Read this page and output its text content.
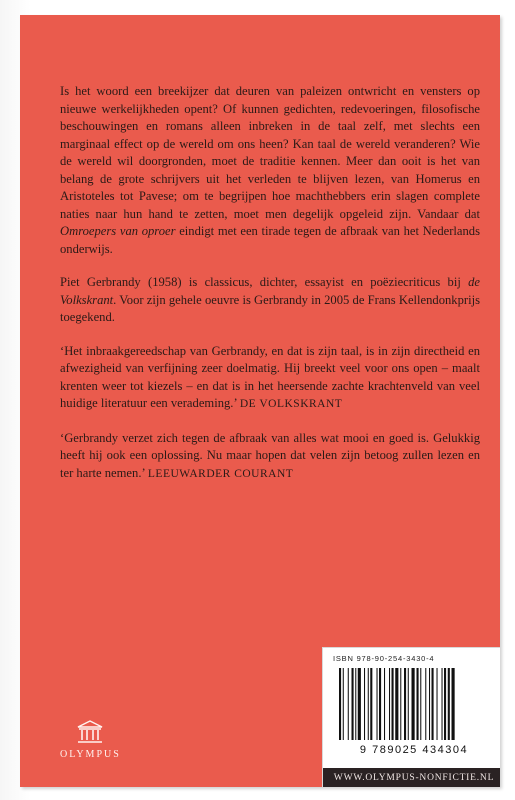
Is het woord een breekijzer dat deuren van paleizen ontwricht en vensters op nieuwe werkelijkheden opent? Of kunnen gedichten, redevoeringen, filosofische beschouwingen en romans alleen inbreken in de taal zelf, met slechts een marginaal effect op de wereld om ons heen? Kan taal de wereld veranderen? Wie de wereld wil doorgronden, moet de traditie kennen. Meer dan ooit is het van belang de grote schrijvers uit het verleden te blijven lezen, van Homerus en Aristoteles tot Pavese; om te begrijpen hoe machthebbers erin slagen complete naties naar hun hand te zetten, moet men degelijk opgeleid zijn. Vandaar dat Omroepers van oproer eindigt met een tirade tegen de afbraak van het Nederlands onderwijs.

Piet Gerbrandy (1958) is classicus, dichter, essayist en poëziecriticus bij de Volkskrant. Voor zijn gehele oeuvre is Gerbrandy in 2005 de Frans Kellendonkprijs toegekend.

‘Het inbraakgereedschap van Gerbrandy, en dat is zijn taal, is in zijn directheid en afwezigheid van verfijning zeer doelmatig. Hij breekt veel voor ons open – maalt krenten weer tot kiezels – en dat is in het heersende zachte krachtenveld van veel huidige literatuur een verademing.’ DE VOLKSKRANT

‘Gerbrandy verzet zich tegen de afbraak van alles wat mooi en goed is. Gelukkig heeft hij ook een oplossing. Nu maar hopen dat velen zijn betoog zullen lezen en ter harte nemen.’ LEEUWARDER COURANT

OLYMPUS
ISBN 978-90-254-3430-4
9 789025 434304
WWW.OLYMPUS-NONFICTIE.NL
